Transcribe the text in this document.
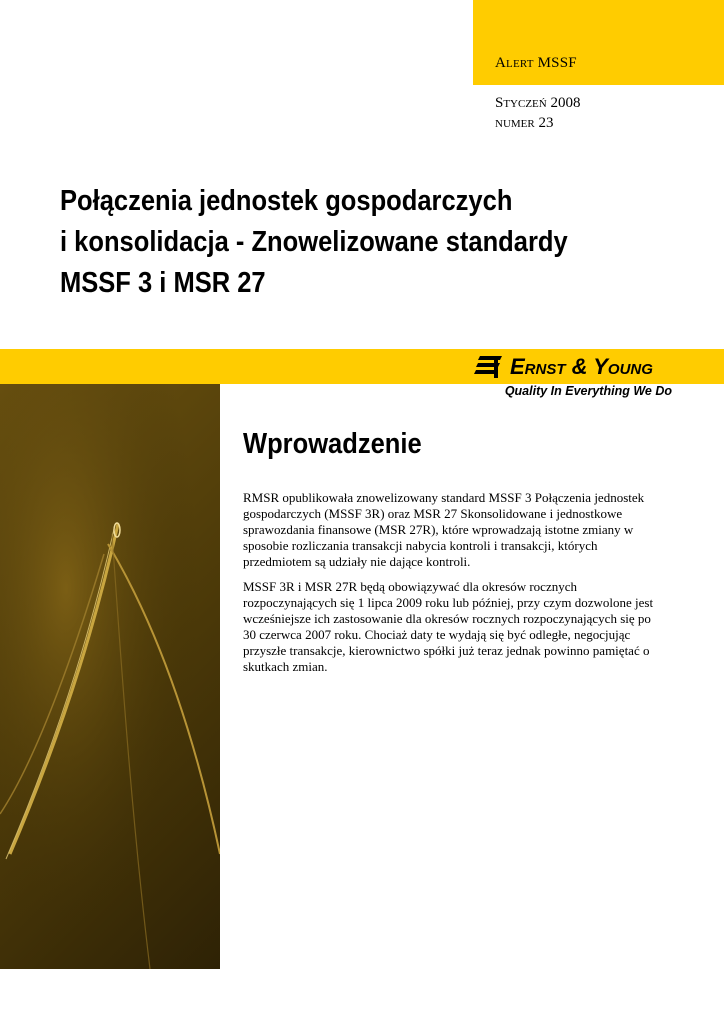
Alert MSSF
Styczeń 2008
numer 23
Połączenia jednostek gospodarczych
i konsolidacja - Znowelizowane standardy
MSSF 3 i MSR 27
Ernst & Young
Quality In Everything We Do
Wprowadzenie

RMSR opublikowała znowelizowany standard MSSF 3 Połączenia jednostek gospodarczych (MSSF 3R) oraz MSR 27 Skonsolidowane i jednostkowe sprawozdania finansowe (MSR 27R), które wprowadzają istotne zmiany w sposobie rozliczania transakcji nabycia kontroli i transakcji, których przedmiotem są udziały nie dające kontroli.

MSSF 3R i MSR 27R będą obowiązywać dla okresów rocznych rozpoczynających się 1 lipca 2009 roku lub później, przy czym dozwolone jest wcześniejsze ich zastosowanie dla okresów rocznych rozpoczynających się po 30 czerwca 2007 roku. Chociaż daty te wydają się być odległe, negocjując przyszłe transakcje, kierownictwo spółki już teraz jednak powinno pamiętać o skutkach zmian.
